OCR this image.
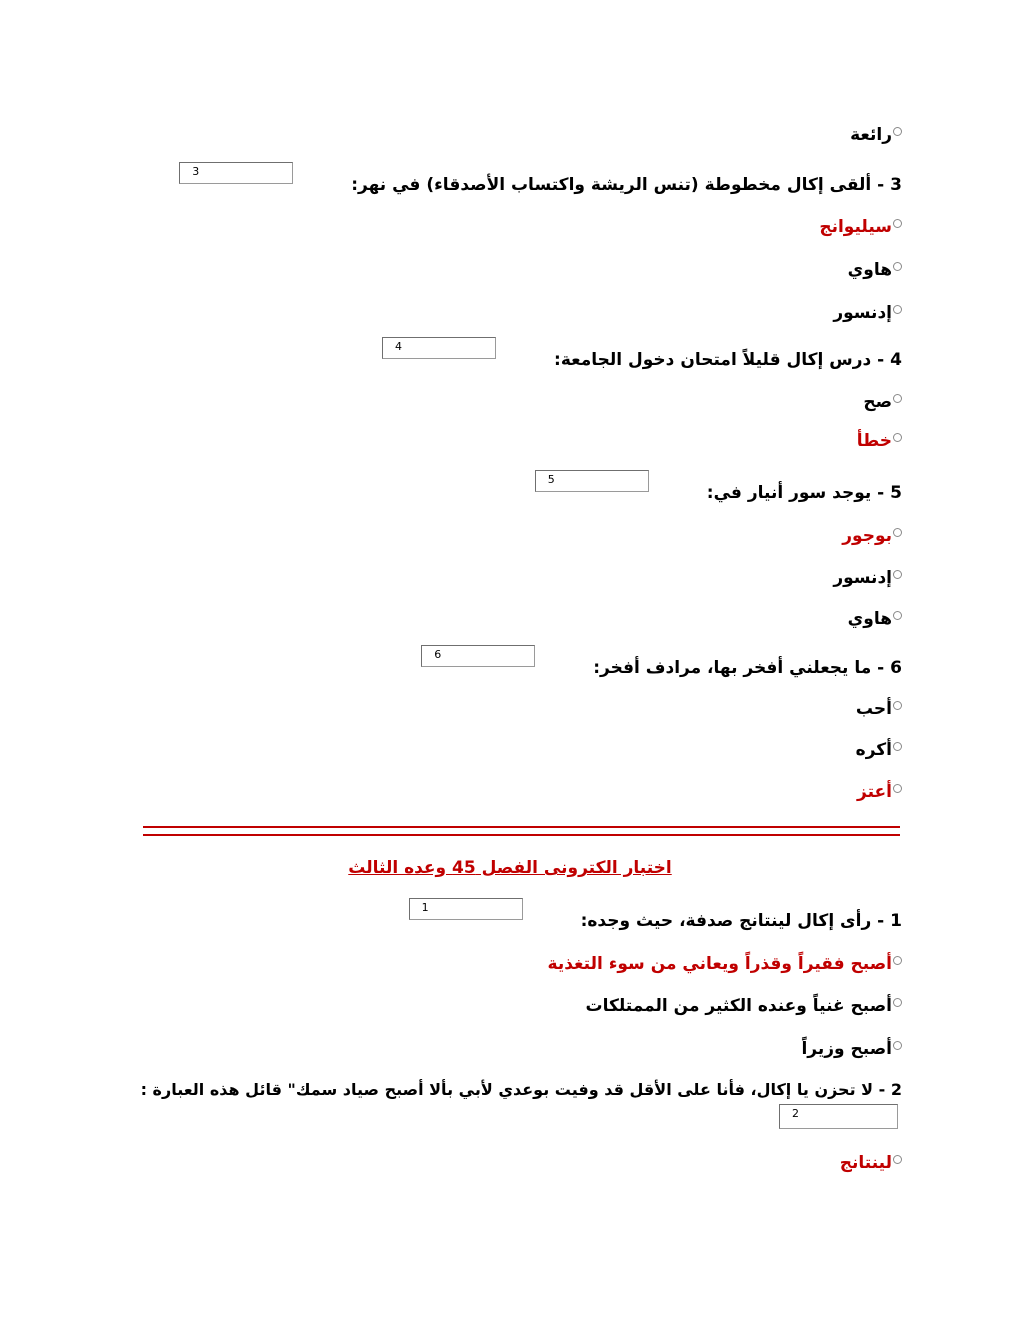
رائعة
3 - ألقى إكال مخطوطة (تنس الريشة واكتساب الأصدقاء) في نهر:
3
سيليوانج
هاوي
إدنسور
4 - درس إكال قليلاً امتحان دخول الجامعة:
4
صح
خطأ
5 - يوجد سور أنيار في:
5
بوجور
إدنسور
هاوي
6 - ما يجعلني أفخر بها، مرادف أفخر:
6
أحب
أكره
أعتز
اختبار الكترونى الفصل 45 وعده الثالث
1 - رأى إكال لينتانج صدفة، حيث وجده:
1
أصبح فقيراً وقذراً ويعاني من سوء التغذية
أصبح غنياً وعنده الكثير من الممتلكات
أصبح وزيراً
2 - لا تحزن يا إكال، فأنا على الأقل قد وفيت بوعدي لأبي بألا أصبح صياد سمك" قائل هذه العبارة :
2
لينتانج
